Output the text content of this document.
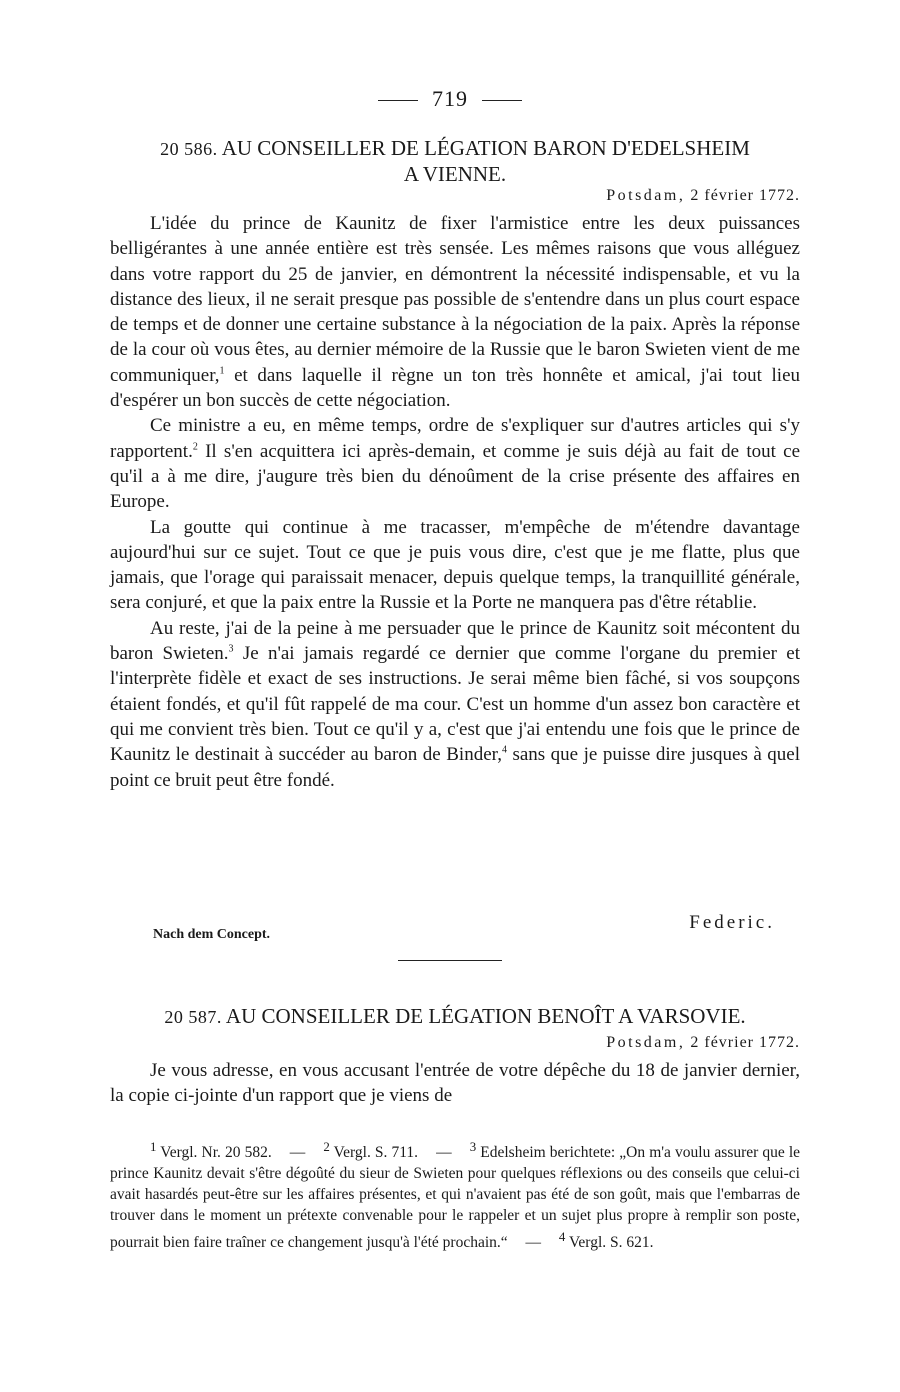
719
20 586. AU CONSEILLER DE LÉGATION BARON D'EDELSHEIM
A VIENNE.
Potsdam, 2 février 1772.

L'idée du prince de Kaunitz de fixer l'armistice entre les deux puissances belligérantes à une année entière est très sensée. Les mêmes raisons que vous alléguez dans votre rapport du 25 de janvier, en démontrent la nécessité indispensable, et vu la distance des lieux, il ne serait presque pas possible de s'entendre dans un plus court espace de temps et de donner une certaine substance à la négociation de la paix. Après la réponse de la cour où vous êtes, au dernier mémoire de la Russie que le baron Swieten vient de me communiquer,$^1$ et dans laquelle il règne un ton très honnête et amical, j'ai tout lieu d'espérer un bon succès de cette négociation.

Ce ministre a eu, en même temps, ordre de s'expliquer sur d'autres articles qui s'y rapportent.$^2$ Il s'en acquittera ici après-demain, et comme je suis déjà au fait de tout ce qu'il a à me dire, j'augure très bien du dénoûment de la crise présente des affaires en Europe.

La goutte qui continue à me tracasser, m'empêche de m'étendre davantage aujourd'hui sur ce sujet. Tout ce que je puis vous dire, c'est que je me flatte, plus que jamais, que l'orage qui paraissait menacer, depuis quelque temps, la tranquillité générale, sera conjuré, et que la paix entre la Russie et la Porte ne manquera pas d'être rétablie.

Au reste, j'ai de la peine à me persuader que le prince de Kaunitz soit mécontent du baron Swieten.$^3$ Je n'ai jamais regardé ce dernier que comme l'organe du premier et l'interprète fidèle et exact de ses instructions. Je serai même bien fâché, si vos soupçons étaient fondés, et qu'il fût rappelé de ma cour. C'est un homme d'un assez bon caractère et qui me convient très bien. Tout ce qu'il y a, c'est que j'ai entendu une fois que le prince de Kaunitz le destinait à succéder au baron de Binder,$^4$ sans que je puisse dire jusques à quel point ce bruit peut être fondé.

Federic.
Nach dem Concept.
20 587. AU CONSEILLER DE LÉGATION BENOÎT A VARSOVIE.
Potsdam, 2 février 1772.

Je vous adresse, en vous accusant l'entrée de votre dépêche du 18 de janvier dernier, la copie ci-jointe d'un rapport que je viens de

$^1$ Vergl. Nr. 20 582. — $^2$ Vergl. S. 711. — $^3$ Edelsheim berichtete: „On m'a voulu assurer que le prince Kaunitz devait s'être dégoûté du sieur de Swieten pour quelques réflexions ou des conseils que celui-ci avait hasardés peut-être sur les affaires présentes, et qui n'avaient pas été de son goût, mais que l'embarras de trouver dans le moment un prétexte convenable pour le rappeler et un sujet plus propre à remplir son poste, pourrait bien faire traîner ce changement jusqu'à l'été prochain.“ — $^4$ Vergl. S. 621.
